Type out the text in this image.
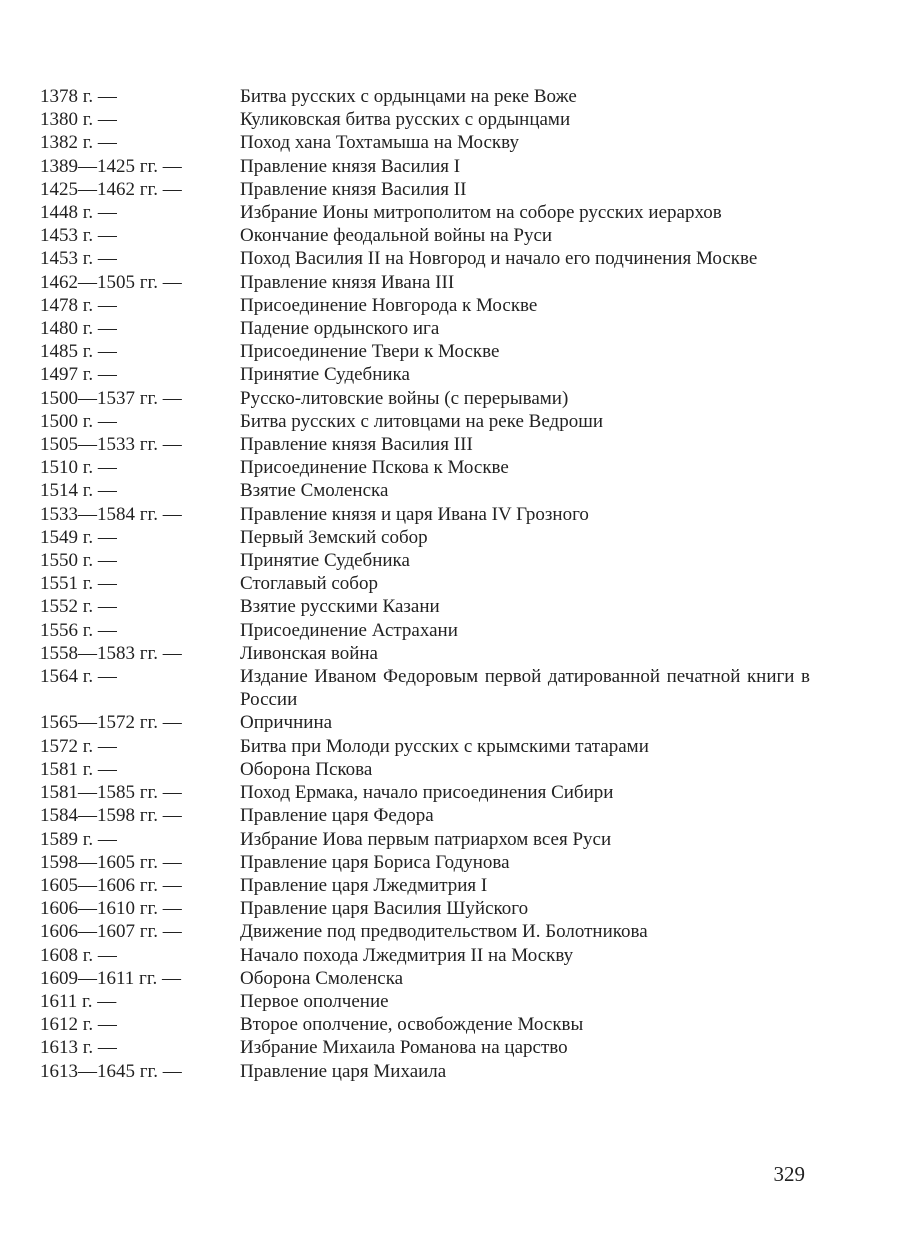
1378 г. —	Битва русских с ордынцами на реке Воже
1380 г. —	Куликовская битва русских с ордынцами
1382 г. —	Поход хана Тохтамыша на Москву
1389—1425 гг. —	Правление князя Василия I
1425—1462 гг. —	Правление князя Василия II
1448 г. —	Избрание Ионы митрополитом на соборе русских иерархов
1453 г. —	Окончание феодальной войны на Руси
1453 г. —	Поход Василия II на Новгород и начало его подчинения Москве
1462—1505 гг. —	Правление князя Ивана III
1478 г. —	Присоединение Новгорода к Москве
1480 г. —	Падение ордынского ига
1485 г. —	Присоединение Твери к Москве
1497 г. —	Принятие Судебника
1500—1537 гг. —	Русско-литовские войны (с перерывами)
1500 г. —	Битва русских с литовцами на реке Ведроши
1505—1533 гг. —	Правление князя Василия III
1510 г. —	Присоединение Пскова к Москве
1514 г. —	Взятие Смоленска
1533—1584 гг. —	Правление князя и царя Ивана IV Грозного
1549 г. —	Первый Земский собор
1550 г. —	Принятие Судебника
1551 г. —	Стоглавый собор
1552 г. —	Взятие русскими Казани
1556 г. —	Присоединение Астрахани
1558—1583 гг. —	Ливонская война
1564 г. —	Издание Иваном Федоровым первой датированной печатной книги в России
1565—1572 гг. —	Опричнина
1572 г. —	Битва при Молоди русских с крымскими татарами
1581 г. —	Оборона Пскова
1581—1585 гг. —	Поход Ермака, начало присоединения Сибири
1584—1598 гг. —	Правление царя Федора
1589 г. —	Избрание Иова первым патриархом всея Руси
1598—1605 гг. —	Правление царя Бориса Годунова
1605—1606 гг. —	Правление царя Лжедмитрия I
1606—1610 гг. —	Правление царя Василия Шуйского
1606—1607 гг. —	Движение под предводительством И. Болотникова
1608 г. —	Начало похода Лжедмитрия II на Москву
1609—1611 гг. —	Оборона Смоленска
1611 г. —	Первое ополчение
1612 г. —	Второе ополчение, освобождение Москвы
1613 г. —	Избрание Михаила Романова на царство
1613—1645 гг. —	Правление царя Михаила
329
